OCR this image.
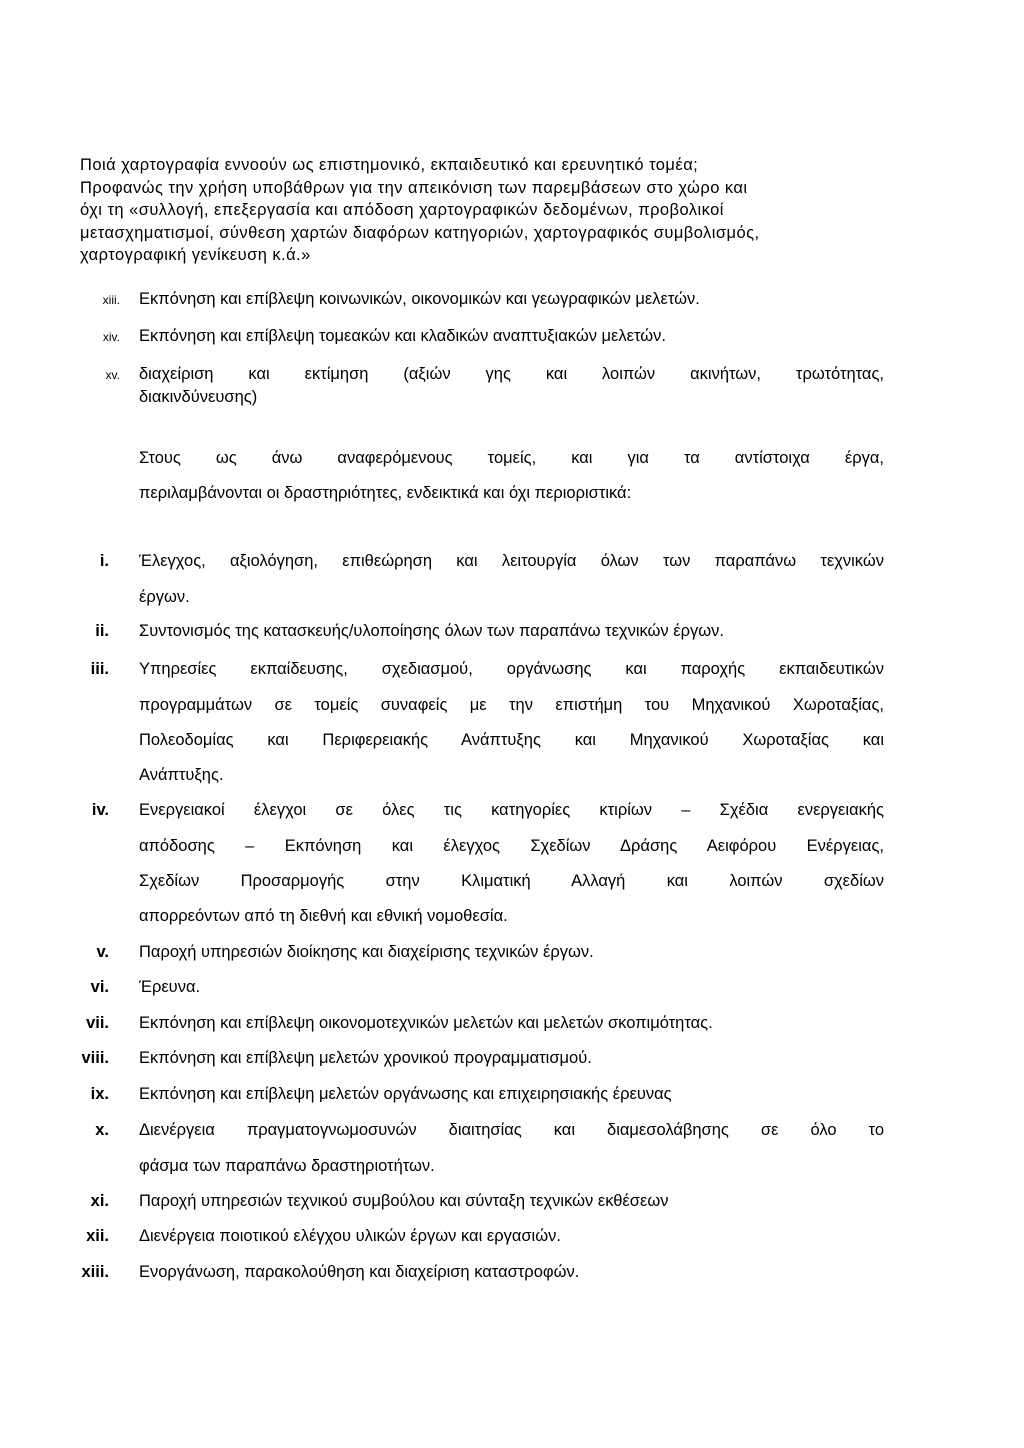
Ποιά χαρτογραφία εννοούν ως επιστημονικό, εκπαιδευτικό και ερευνητικό τομέα;
Προφανώς την χρήση υποβάθρων για την απεικόνιση των παρεμβάσεων στο χώρο και
όχι τη «συλλογή, επεξεργασία και απόδοση χαρτογραφικών δεδομένων, προβολικοί
μετασχηματισμοί, σύνθεση χαρτών διαφόρων κατηγοριών, χαρτογραφικός συμβολισμός,
χαρτογραφική γενίκευση κ.ά.»
xiii. Εκπόνηση και επίβλεψη κοινωνικών, οικονομικών και γεωγραφικών μελετών.
xiv. Εκπόνηση και επίβλεψη τομεακών και κλαδικών αναπτυξιακών μελετών.
xv. διαχείριση και εκτίμηση (αξιών γης και λοιπών ακινήτων, τρωτότητας,
διακινδύνευσης)
Στους ως άνω αναφερόμενους τομείς, και για τα αντίστοιχα έργα,
περιλαμβάνονται οι δραστηριότητες, ενδεικτικά και όχι περιοριστικά:
i. Έλεγχος, αξιολόγηση, επιθεώρηση και λειτουργία όλων των παραπάνω τεχνικών
έργων.
ii. Συντονισμός της κατασκευής/υλοποίησης όλων των παραπάνω τεχνικών έργων.
iii. Υπηρεσίες εκπαίδευσης, σχεδιασμού, οργάνωσης και παροχής εκπαιδευτικών
προγραμμάτων σε τομείς συναφείς με την επιστήμη του Μηχανικού Χωροταξίας,
Πολεοδομίας και Περιφερειακής Ανάπτυξης και Μηχανικού Χωροταξίας και
Ανάπτυξης.
iv. Ενεργειακοί έλεγχοι σε όλες τις κατηγορίες κτιρίων – Σχέδια ενεργειακής
απόδοσης – Εκπόνηση και έλεγχος Σχεδίων Δράσης Αειφόρου Ενέργειας,
Σχεδίων Προσαρμογής στην Κλιματική Αλλαγή και λοιπών σχεδίων
απορρεόντων από τη διεθνή και εθνική νομοθεσία.
v. Παροχή υπηρεσιών διοίκησης και διαχείρισης τεχνικών έργων.
vi. Έρευνα.
vii. Εκπόνηση και επίβλεψη οικονομοτεχνικών μελετών και μελετών σκοπιμότητας.
viii. Εκπόνηση και επίβλεψη μελετών χρονικού προγραμματισμού.
ix. Εκπόνηση και επίβλεψη μελετών οργάνωσης και επιχειρησιακής έρευνας
x. Διενέργεια πραγματογνωμοσυνών διαιτησίας και διαμεσολάβησης σε όλο το
φάσμα των παραπάνω δραστηριοτήτων.
xi. Παροχή υπηρεσιών τεχνικού συμβούλου και σύνταξη τεχνικών εκθέσεων
xii. Διενέργεια ποιοτικού ελέγχου υλικών έργων και εργασιών.
xiii. Ενοργάνωση, παρακολούθηση και διαχείριση καταστροφών.
